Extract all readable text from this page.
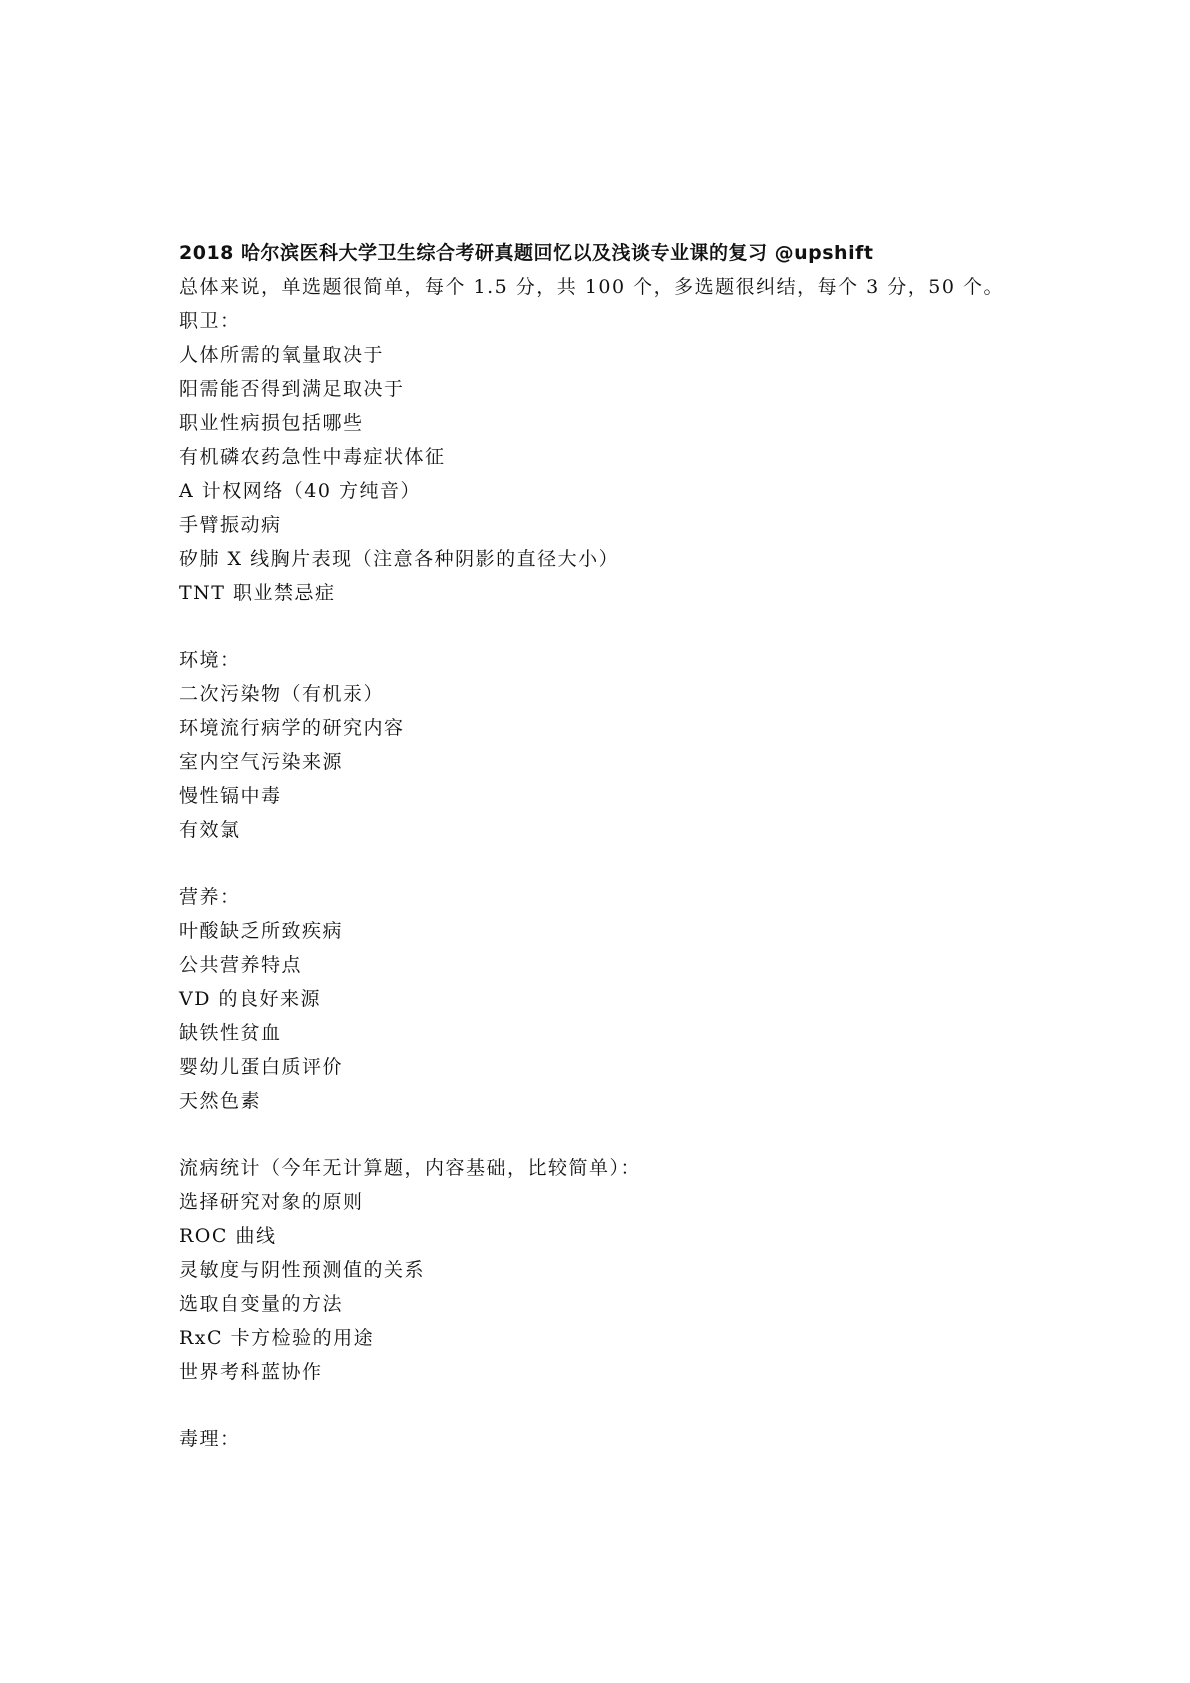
2018 哈尔滨医科大学卫生综合考研真题回忆以及浅谈专业课的复习 @upshift
总体来说，单选题很简单，每个 1.5 分，共 100 个，多选题很纠结，每个 3 分，50 个。
职卫：
人体所需的氧量取决于
阳需能否得到满足取决于
职业性病损包括哪些
有机磷农药急性中毒症状体征
A 计权网络（40 方纯音）
手臂振动病
矽肺 X 线胸片表现（注意各种阴影的直径大小）
TNT 职业禁忌症
环境：
二次污染物（有机汞）
环境流行病学的研究内容
室内空气污染来源
慢性镉中毒
有效氯
营养：
叶酸缺乏所致疾病
公共营养特点
VD 的良好来源
缺铁性贫血
婴幼儿蛋白质评价
天然色素
流病统计（今年无计算题，内容基础，比较简单）：
选择研究对象的原则
ROC 曲线
灵敏度与阴性预测值的关系
选取自变量的方法
RxC 卡方检验的用途
世界考科蓝协作
毒理：
